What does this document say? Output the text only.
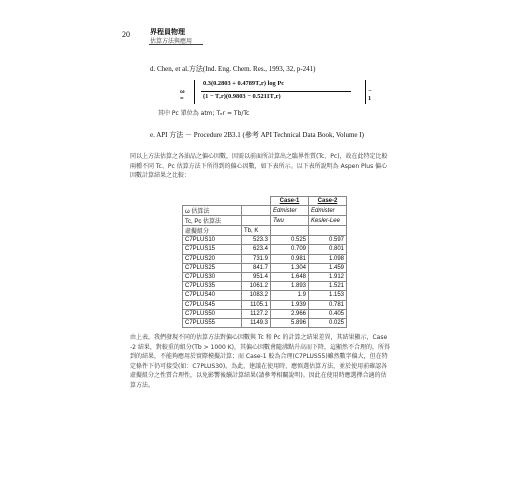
20	界程員物理
估算方法與應用
d. Chen, et al.方法(Ind. Eng. Chem. Res., 1993, 32, p-241)
ω =
0.3(0.2803 + 0.4789Tₑr) log Pc
(1 − Tₑr)(0.9803 − 0.5211Tₑr)
− 1
其中 Pc 單位為 atm; Tₑr = Tb/Tc
e. API 方法 － Procedure 2B3.1 (參考 API Technical Data Book, Volume I)
同以上方法估算之各油品之偏心因數，因需以前面所計算出之臨界性質(Tc、Pc)，故在此特定比較兩種不同 Tc、Pc 估算方法下所得到的偏心因數，如下表所示。以下表所說明為 Aspen Plus 偏心因數計算結果之比較：
		Case-1	Case-2
ω 估算法		Edmister	Edmister
Tc, Pc 估算法		Twu	Kesler-Lee
虛擬組分	Tb, K		
C7PLUS10	523.3	0.525	0.597
C7PLUS15	623.4	0.709	0.801
C7PLUS20	731.9	0.981	1.098
C7PLUS25	841.7	1.304	1.459
C7PLUS30	951.4	1.648	1.912
C7PLUS35	1061.2	1.893	1.521
C7PLUS40	1083.2	1.9	1.153
C7PLUS45	1105.1	1.939	0.781
C7PLUS50	1127.2	2.966	0.405
C7PLUS55	1149.3	5.896	0.025
由上表，我們發現不同的估算方法對偏心因數與 Tc 和 Pc 的計算之結果差異，其結果顯示，Case -2 結果，對較重的組分(Tb > 1000 K)，其偏心因數會隨沸點升高而下降，這顯然不合理的，所得到的結果，不能夠應用於實際模擬計算；而 Case-1 較為合理(C7PLUS55)雖然數字偏大，但在特定條件下仍可接受(如：C7PLUS30)。為此，建議在使用時，應慎選估算方法，並於使用前確認各虛擬組分之性質合理性，以免影響後續計算結果(請參考相關說明)。因此在使用時應選擇合適的估算方法。
